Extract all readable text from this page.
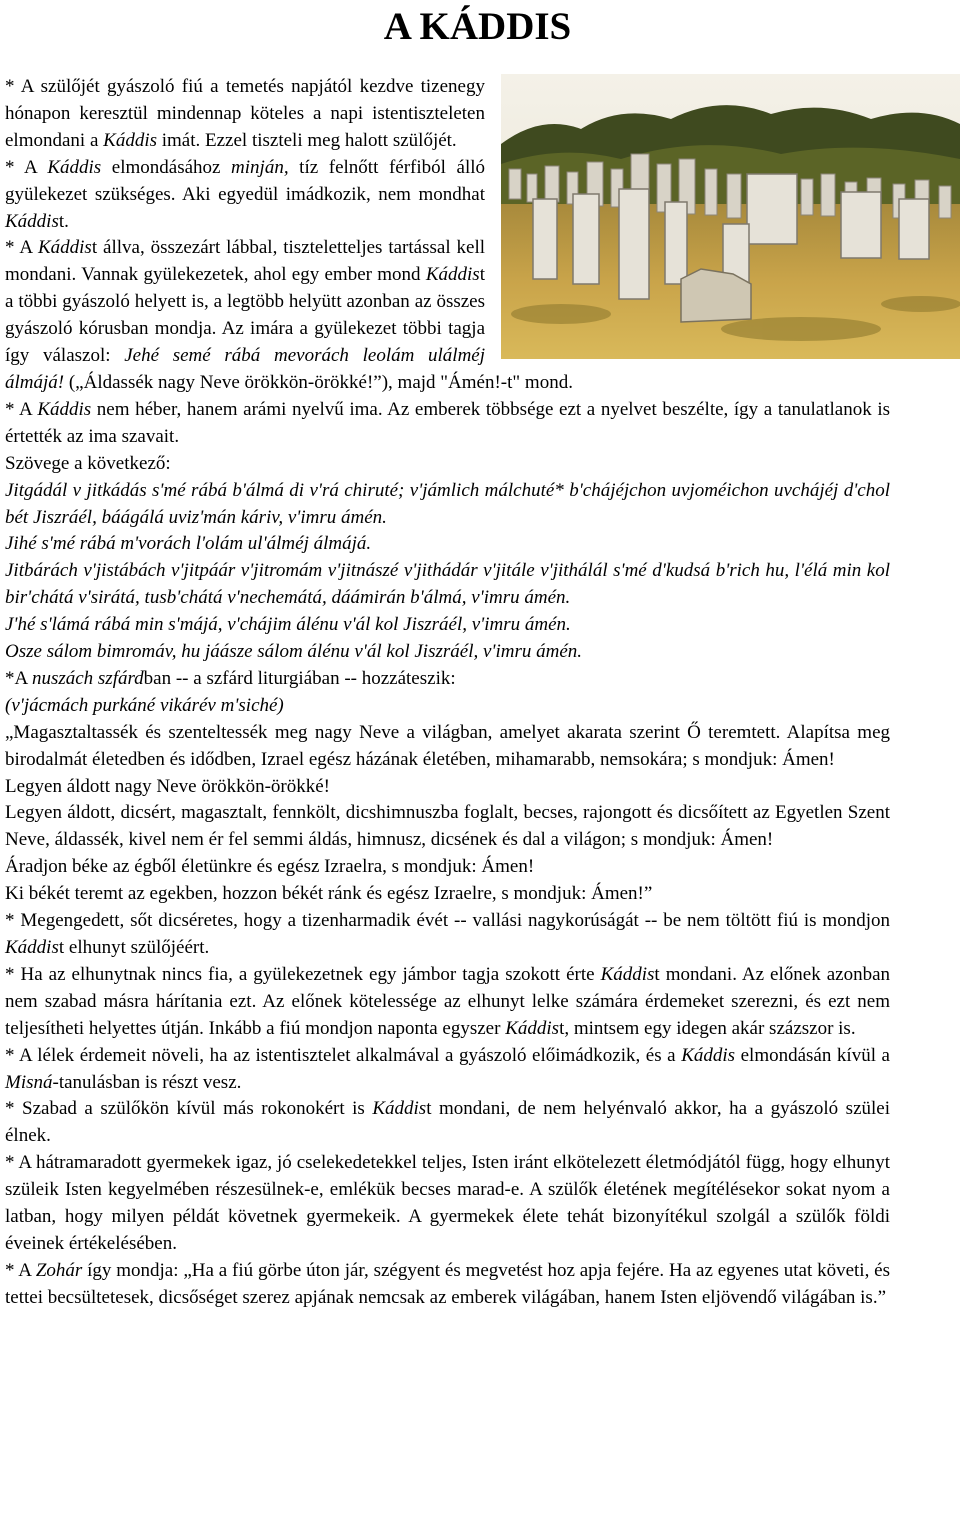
A KÁDDIS

* A szülőjét gyászoló fiú a temetés napjától kezdve tizenegy hónapon keresztül mindennap köteles a napi istentiszteleten elmondani a Káddis imát. Ezzel tiszteli meg halott szülőjét.

* A Káddis elmondásához minján, tíz felnőtt férfiból álló gyülekezet szükséges. Aki egyedül imádkozik, nem mondhat Káddist.

* A Káddist állva, összezárt lábbal, tiszteletteljes tartással kell mondani. Vannak gyülekezetek, ahol egy ember mond Káddist a többi gyászoló helyett is, a legtöbb helyütt azonban az összes gyászoló kórusban mondja. Az imára a gyülekezet többi tagja így válaszol: Jehé semé rábá mevorách leolám ulálméj álmájá! („Áldassék nagy Neve örökkön-örökké!”), majd "Ámén!-t" mond.

* A Káddis nem héber, hanem arámi nyelvű ima. Az emberek többsége ezt a nyelvet beszélte, így a tanulatlanok is értették az ima szavait.

Szövege a következő:

Jitgádál v jitkádás s'mé rábá b'álmá di v'rá chiruté; v'jámlich málchuté* b'chájéjchon uvjoméichon uvchájéj d'chol bét Jiszráél, báágálá uviz'mán káriv, v'imru ámén.

Jihé s'mé rábá m'vorách l'olám ul'álméj álmájá.

Jitbárách v'jistábách v'jitpáár v'jitromám v'jitnászé v'jithádár v'jitále v'jithálál s'mé d'kudsá b'rich hu, l'élá min kol bir'chátá v'sirátá, tusb'chátá v'nechemátá, dáámirán b'álmá, v'imru ámén.

J'hé s'lámá rábá min s'májá, v'chájim álénu v'ál kol Jiszráél, v'imru ámén.

Osze sálom bimromáv, hu jáásze sálom álénu v'ál kol Jiszráél, v'imru ámén.

*A nuszách szfárdban -- a szfárd liturgiában -- hozzáteszik:

(v'jácmách purkáné vikárév m'siché)

„Magasztaltassék és szenteltessék meg nagy Neve a világban, amelyet akarata szerint Ő teremtett. Alapítsa meg birodalmát életedben és idődben, Izrael egész házának életében, mihamarabb, nemsokára; s mondjuk: Ámen!

Legyen áldott nagy Neve örökkön-örökké!

Legyen áldott, dicsért, magasztalt, fennkölt, dicshimnuszba foglalt, becses, rajongott és dicsőített az Egyetlen Szent Neve, áldassék, kivel nem ér fel semmi áldás, himnusz, dicsének és dal a világon; s mondjuk: Ámen!

Áradjon béke az égből életünkre és egész Izraelra, s mondjuk: Ámen!

Ki békét teremt az egekben, hozzon békét ránk és egész Izraelre, s mondjuk: Ámen!”

* Megengedett, sőt dicséretes, hogy a tizenharmadik évét -- vallási nagykorúságát -- be nem töltött fiú is mondjon Káddist elhunyt szülőjéért.

* Ha az elhunytnak nincs fia, a gyülekezetnek egy jámbor tagja szokott érte Káddist mondani. Az előnek azonban nem szabad másra hárítania ezt. Az előnek kötelessége az elhunyt lelke számára érdemeket szerezni, és ezt nem teljesítheti helyettes útján. Inkább a fiú mondjon naponta egyszer Káddist, mintsem egy idegen akár százszor is.

* A lélek érdemeit növeli, ha az istentisztelet alkalmával a gyászoló előimádkozik, és a Káddis elmondásán kívül a Misná-tanulásban is részt vesz.

* Szabad a szülőkön kívül más rokonokért is Káddist mondani, de nem helyénvaló akkor, ha a gyászoló szülei élnek.

* A hátramaradott gyermekek igaz, jó cselekedetekkel teljes, Isten iránt elkötelezett életmódjától függ, hogy elhunyt szüleik Isten kegyelmében részesülnek-e, emlékük becses marad-e. A szülők életének megítélésekor sokat nyom a latban, hogy milyen példát követnek gyermekeik. A gyermekek élete tehát bizonyítékul szolgál a szülők földi éveinek értékelésében.

* A Zohár így mondja: „Ha a fiú görbe úton jár, szégyent és megvetést hoz apja fejére. Ha az egyenes utat követi, és tettei becsültetesek, dicsőséget szerez apjának nemcsak az emberek világában, hanem Isten eljövendő világában is.”
